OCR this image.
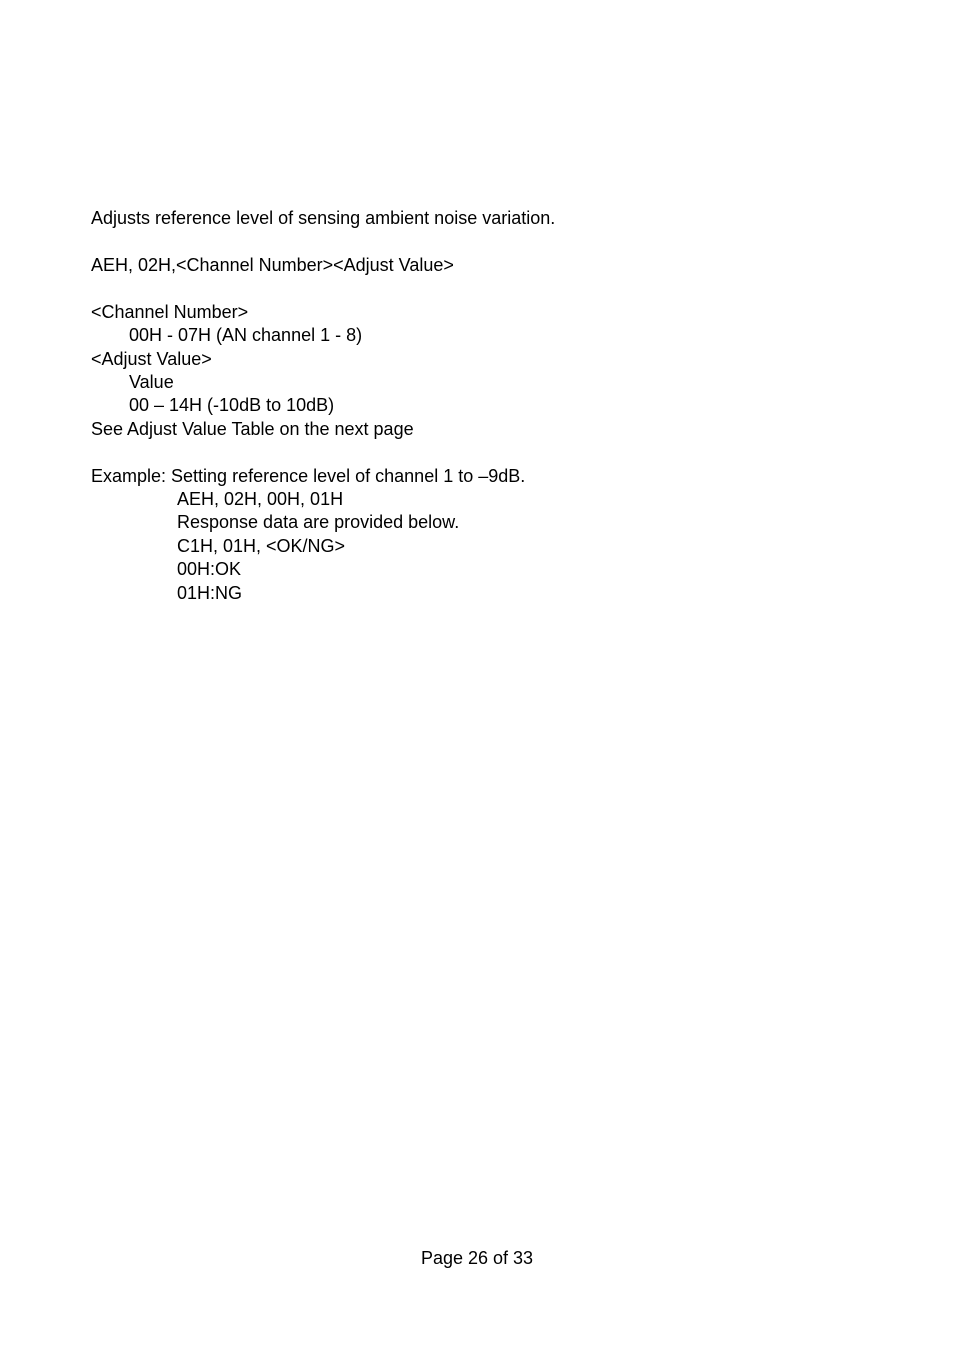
Adjusts reference level of sensing ambient noise variation.
AEH, 02H,<Channel Number><Adjust Value>
<Channel Number>
00H - 07H (AN channel 1 - 8)
<Adjust Value>
Value
00 – 14H (-10dB to 10dB)
See Adjust Value Table on the next page
Example: Setting reference level of channel 1 to –9dB.
AEH, 02H, 00H, 01H
Response data are provided below.
C1H, 01H, <OK/NG>
00H:OK
01H:NG
Page 26 of 33
